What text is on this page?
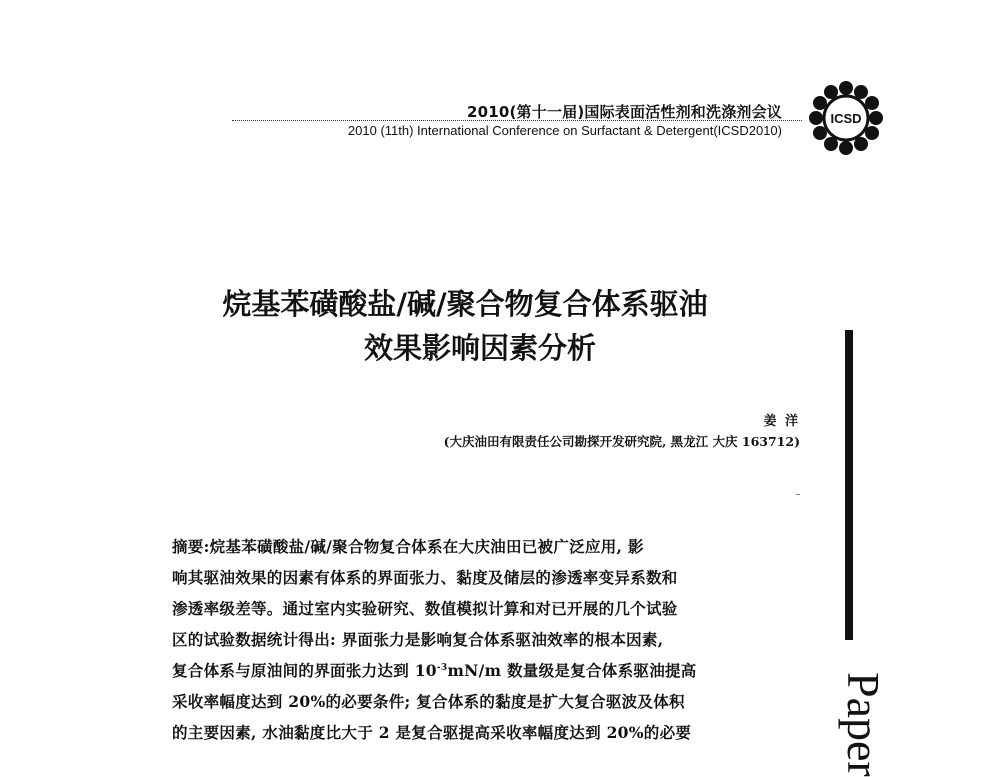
2010(第十一届)国际表面活性剂和洗涤剂会议
2010 (11th) International Conference on Surfactant & Detergent(ICSD2010)
ICSD
烷基苯磺酸盐/碱/聚合物复合体系驱油
效果影响因素分析
姜 洋
(大庆油田有限责任公司勘探开发研究院, 黑龙江 大庆 163712)
Paper

摘要:烷基苯磺酸盐/碱/聚合物复合体系在大庆油田已被广泛应用, 影

响其驱油效果的因素有体系的界面张力、黏度及储层的渗透率变异系数和

渗透率级差等。通过室内实验研究、数值模拟计算和对已开展的几个试验

区的试验数据统计得出: 界面张力是影响复合体系驱油效率的根本因素,

复合体系与原油间的界面张力达到 $10^{-3}mN/m$ 数量级是复合体系驱油提高

采收率幅度达到 20%的必要条件; 复合体系的黏度是扩大复合驱波及体积

的主要因素, 水油黏度比大于 2 是复合驱提高采收率幅度达到 20%的必要
